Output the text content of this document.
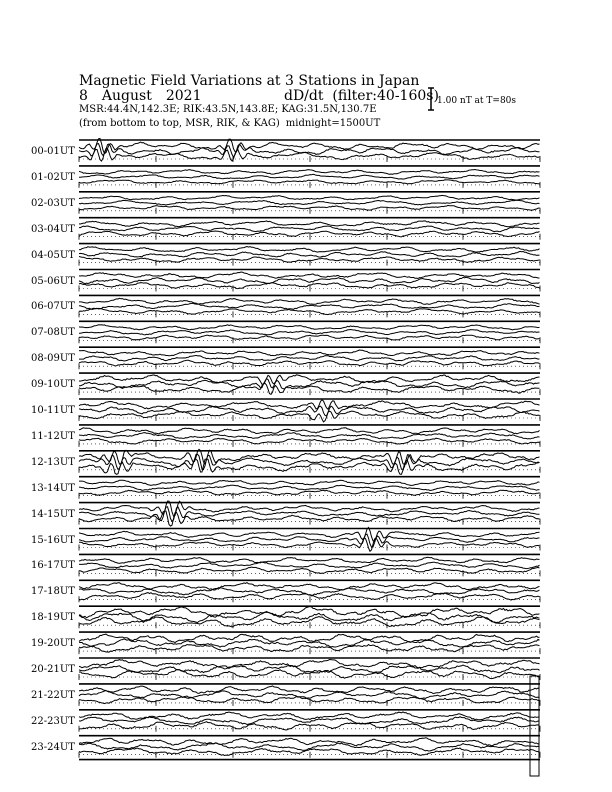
Magnetic Field Variations at 3 Stations in Japan
8 August 2021	dD/dt (filter:40-160s)
MSR:44.4N,142.3E; RIK:43.5N,143.8E; KAG:31.5N,130.7E
(from bottom to top, MSR, RIK, & KAG) midnight=1500UT
1.00 nT at T=80s
00-01UT
01-02UT
02-03UT
03-04UT
04-05UT
05-06UT
06-07UT
07-08UT
08-09UT
09-10UT
10-11UT
11-12UT
12-13UT
13-14UT
14-15UT
15-16UT
16-17UT
17-18UT
18-19UT
19-20UT
20-21UT
21-22UT
22-23UT
23-24UT
